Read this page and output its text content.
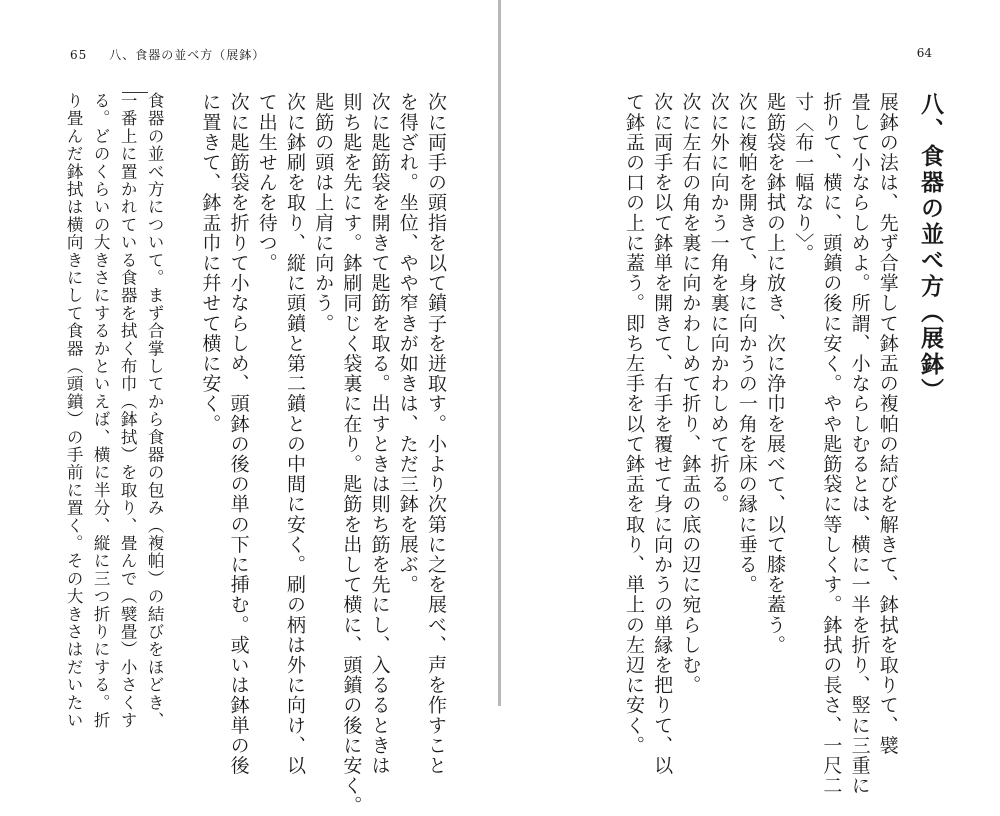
65 八、食器の並べ方（展鉢）
次に両手の頭指を以て鐼子を迸取す。小より次第に之を展べ、声を作すこと
を得ざれ。坐位、やや窄きが如きは、ただ三鉢を展ぶ。
次に匙筯袋を開きて匙筯を取る。出すときは則ち筯を先にし、入るるときは
則ち匙を先にす。鉢刷同じく袋裏に在り。匙筯を出して横に、頭鐼の後に安く。
匙筯の頭は上肩に向かう。
次に鉢刷を取り、縦に頭鐼と第二鐼との中間に安く。刷の柄は外に向け、以
て出生せんを待つ。
次に匙筯袋を折りて小ならしめ、頭鉢の後の単の下に挿む。或いは鉢単の後
に置きて、鉢盂巾に幷せて横に安く。
食器の並べ方について。まず合掌してから食器の包み（複帕）の結びをほどき、
一番上に置かれている食器を拭く布巾（鉢拭）を取り、畳んで（襞畳）小さくす
る。どのくらいの大きさにするかといえば、横に半分、縦に三つ折りにする。折
り畳んだ鉢拭は横向きにして食器（頭鐼）の手前に置く。その大きさはだいたい
64
八、食器の並べ方（展鉢）
展鉢の法は、先ず合掌して鉢盂の複帕の結びを解きて、鉢拭を取りて、襞
畳して小ならしめよ。所謂、小ならしむるとは、横に一半を折り、竪に三重に
折りて、横に、頭鐼の後に安く。やや匙筯袋に等しくす。鉢拭の長さ、一尺二
寸〈布一幅なり〉。
匙筯袋を鉢拭の上に放き、次に浄巾を展べて、以て膝を蓋う。
次に複帕を開きて、身に向かうの一角を床の縁に垂る。
次に外に向かう一角を裏に向かわしめて折る。
次に左右の角を裏に向かわしめて折り、鉢盂の底の辺に宛らしむ。
次に両手を以て鉢単を開きて、右手を覆せて身に向かうの単縁を把りて、以
て鉢盂の口の上に蓋う。即ち左手を以て鉢盂を取り、単上の左辺に安く。
